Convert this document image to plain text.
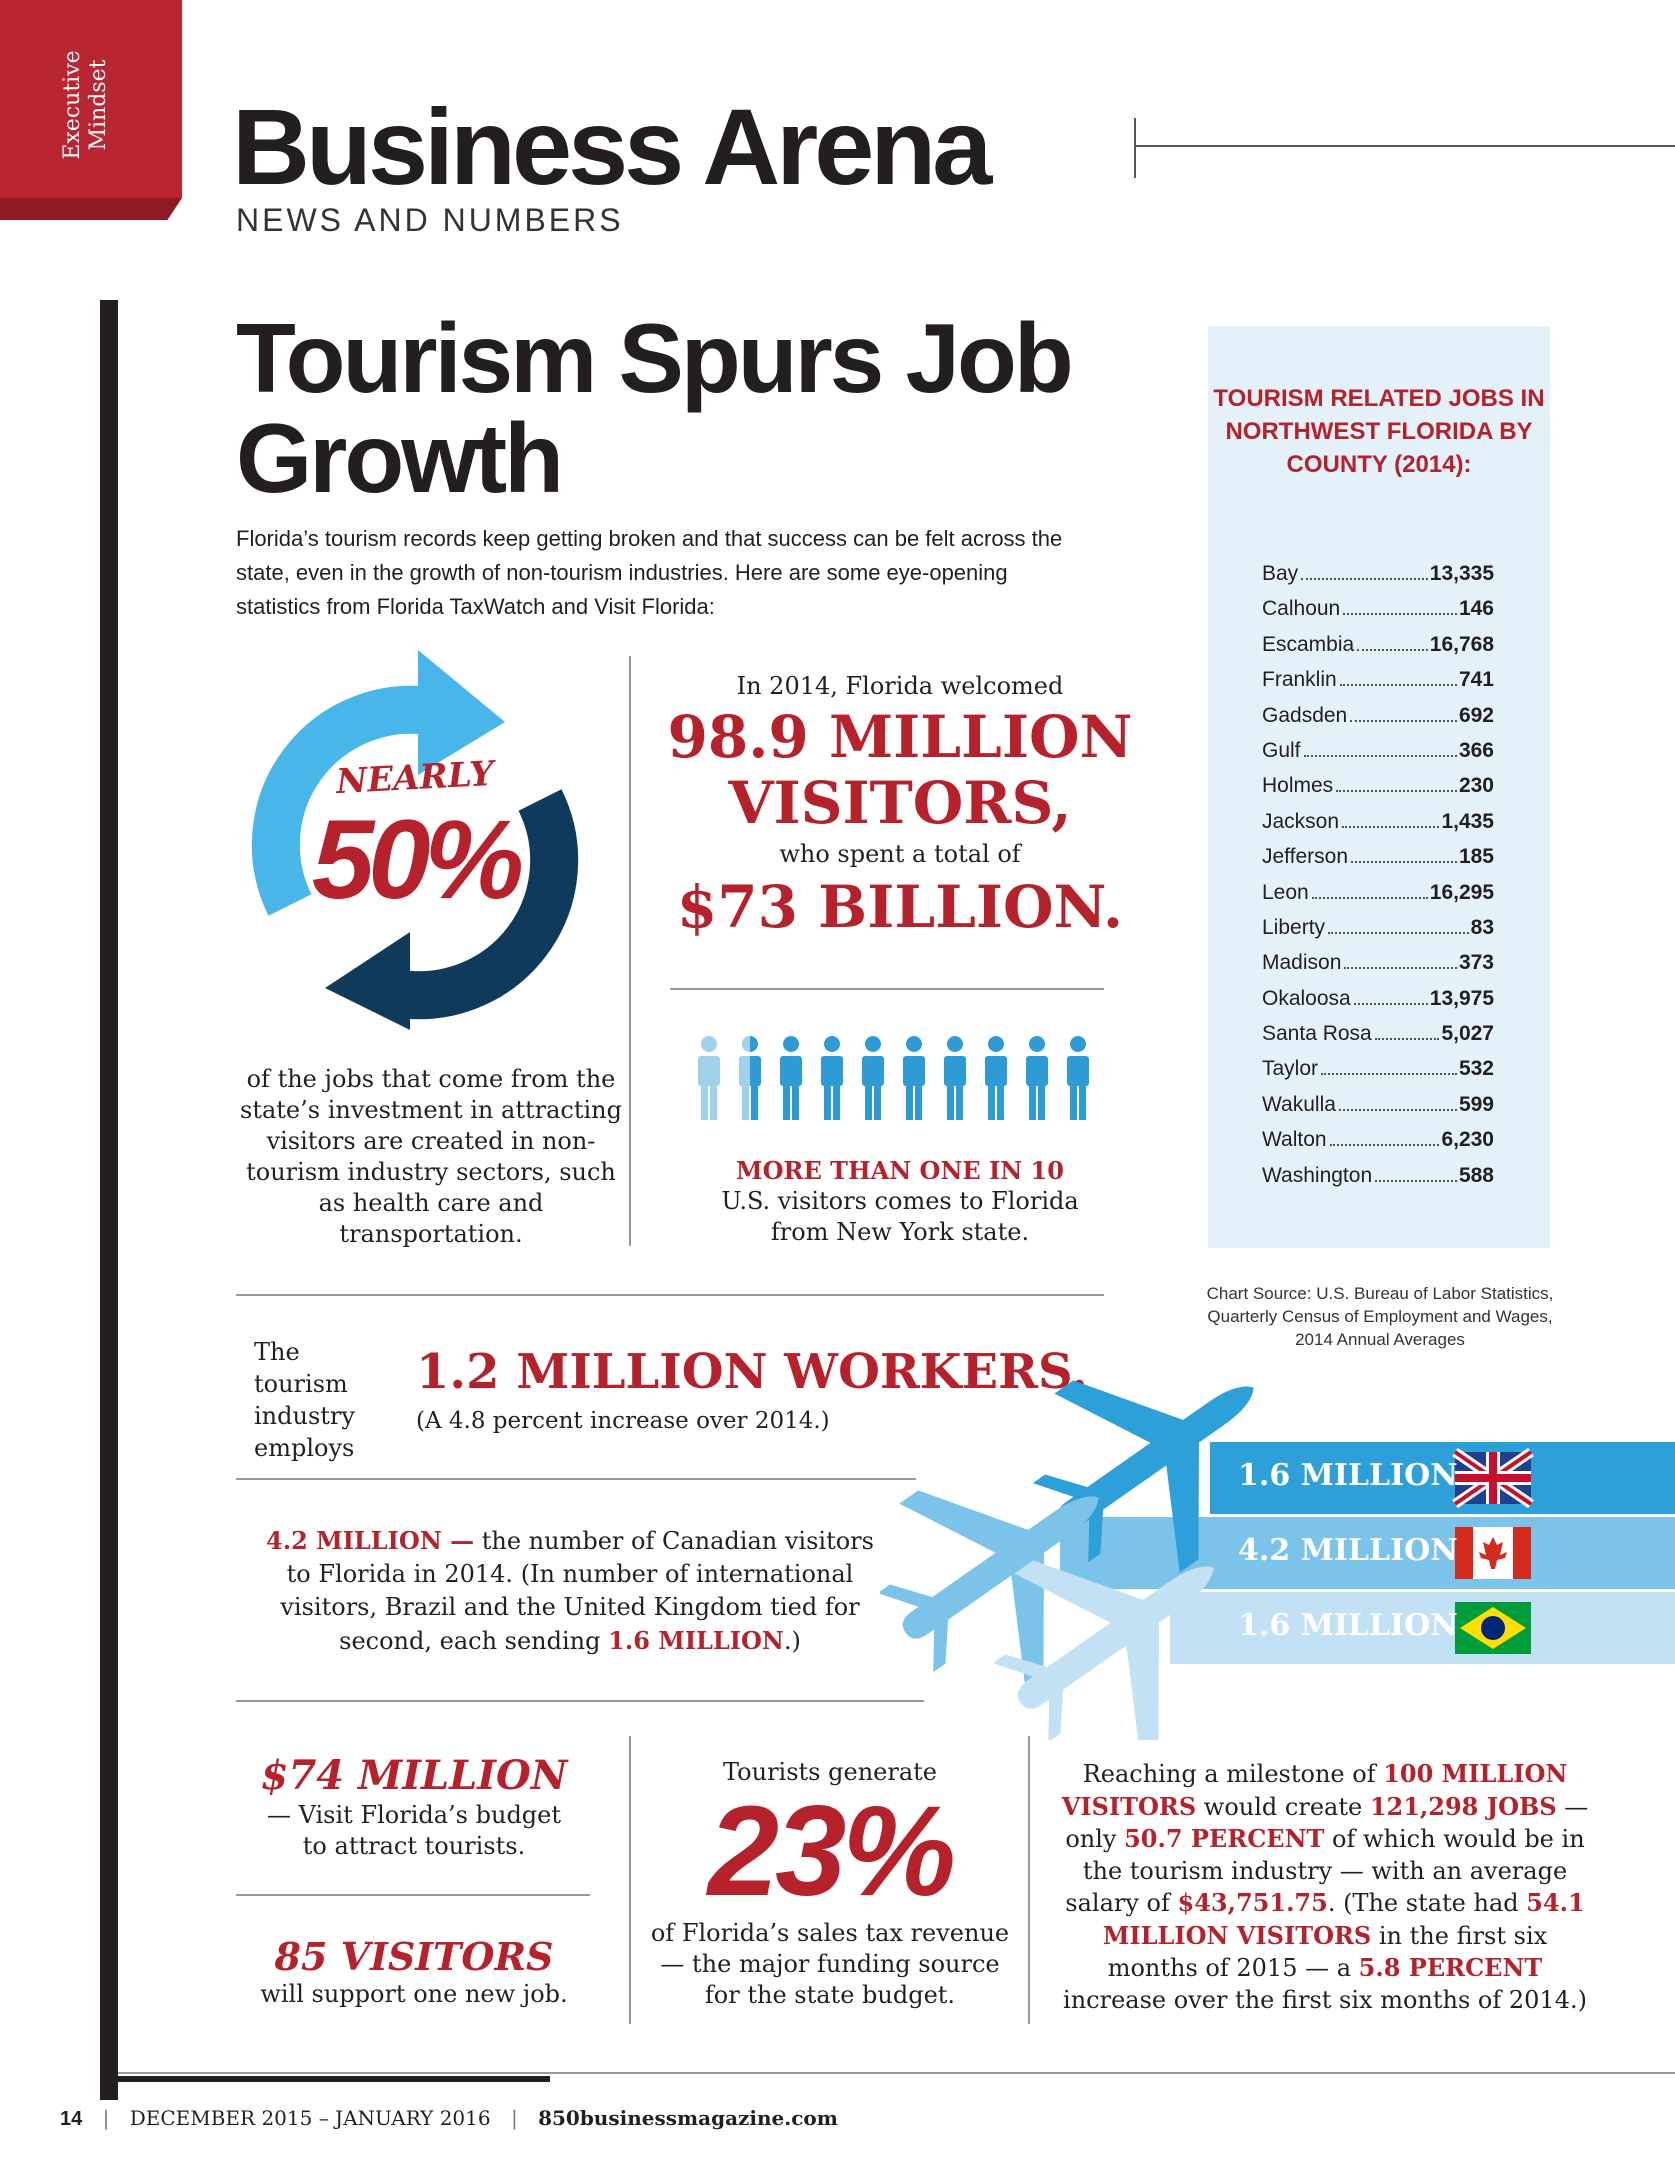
Executive Mindset Business Arena
NEWS AND NUMBERS
Tourism Spurs Job Growth
Florida’s tourism records keep getting broken and that success can be felt across the state, even in the growth of non-tourism industries. Here are some eye-opening statistics from Florida TaxWatch and Visit Florida:
NEARLY
50%
of the jobs that come from the state’s investment in attracting visitors are created in non-tourism industry sectors, such as health care and transportation.
In 2014, Florida welcomed
98.9 MILLION
VISITORS,
who spent a total of
$73 BILLION.
MORE THAN ONE IN 10
U.S. visitors comes to Florida
from New York state.
TOURISM RELATED JOBS IN NORTHWEST FLORIDA BY COUNTY (2014):
Bay	13,335
Calhoun	146
Escambia	16,768
Franklin	741
Gadsden	692
Gulf	366
Holmes	230
Jackson	1,435
Jefferson	185
Leon	16,295
Liberty	83
Madison	373
Okaloosa	13,975
Santa Rosa	5,027
Taylor	532
Wakulla	599
Walton	6,230
Washington	588
Chart Source: U.S. Bureau of Labor Statistics, Quarterly Census of Employment and Wages, 2014 Annual Averages
The tourism industry employs
1.2 MILLION WORKERS.
(A 4.8 percent increase over 2014.)
4.2 MILLION — the number of Canadian visitors to Florida in 2014. (In number of international visitors, Brazil and the United Kingdom tied for second, each sending 1.6 MILLION.)
1.6 MILLION
4.2 MILLION
1.6 MILLION
$74 MILLION
— Visit Florida’s budget to attract tourists.
85 VISITORS
will support one new job.
Tourists generate
23%
of Florida’s sales tax revenue — the major funding source for the state budget.
Reaching a milestone of 100 MILLION VISITORS would create 121,298 JOBS — only 50.7 PERCENT of which would be in the tourism industry — with an average salary of $43,751.75. (The state had 54.1 MILLION VISITORS in the first six months of 2015 — a 5.8 PERCENT increase over the first six months of 2014.)
14 | DECEMBER 2015 – JANUARY 2016 | 850businessmagazine.com
